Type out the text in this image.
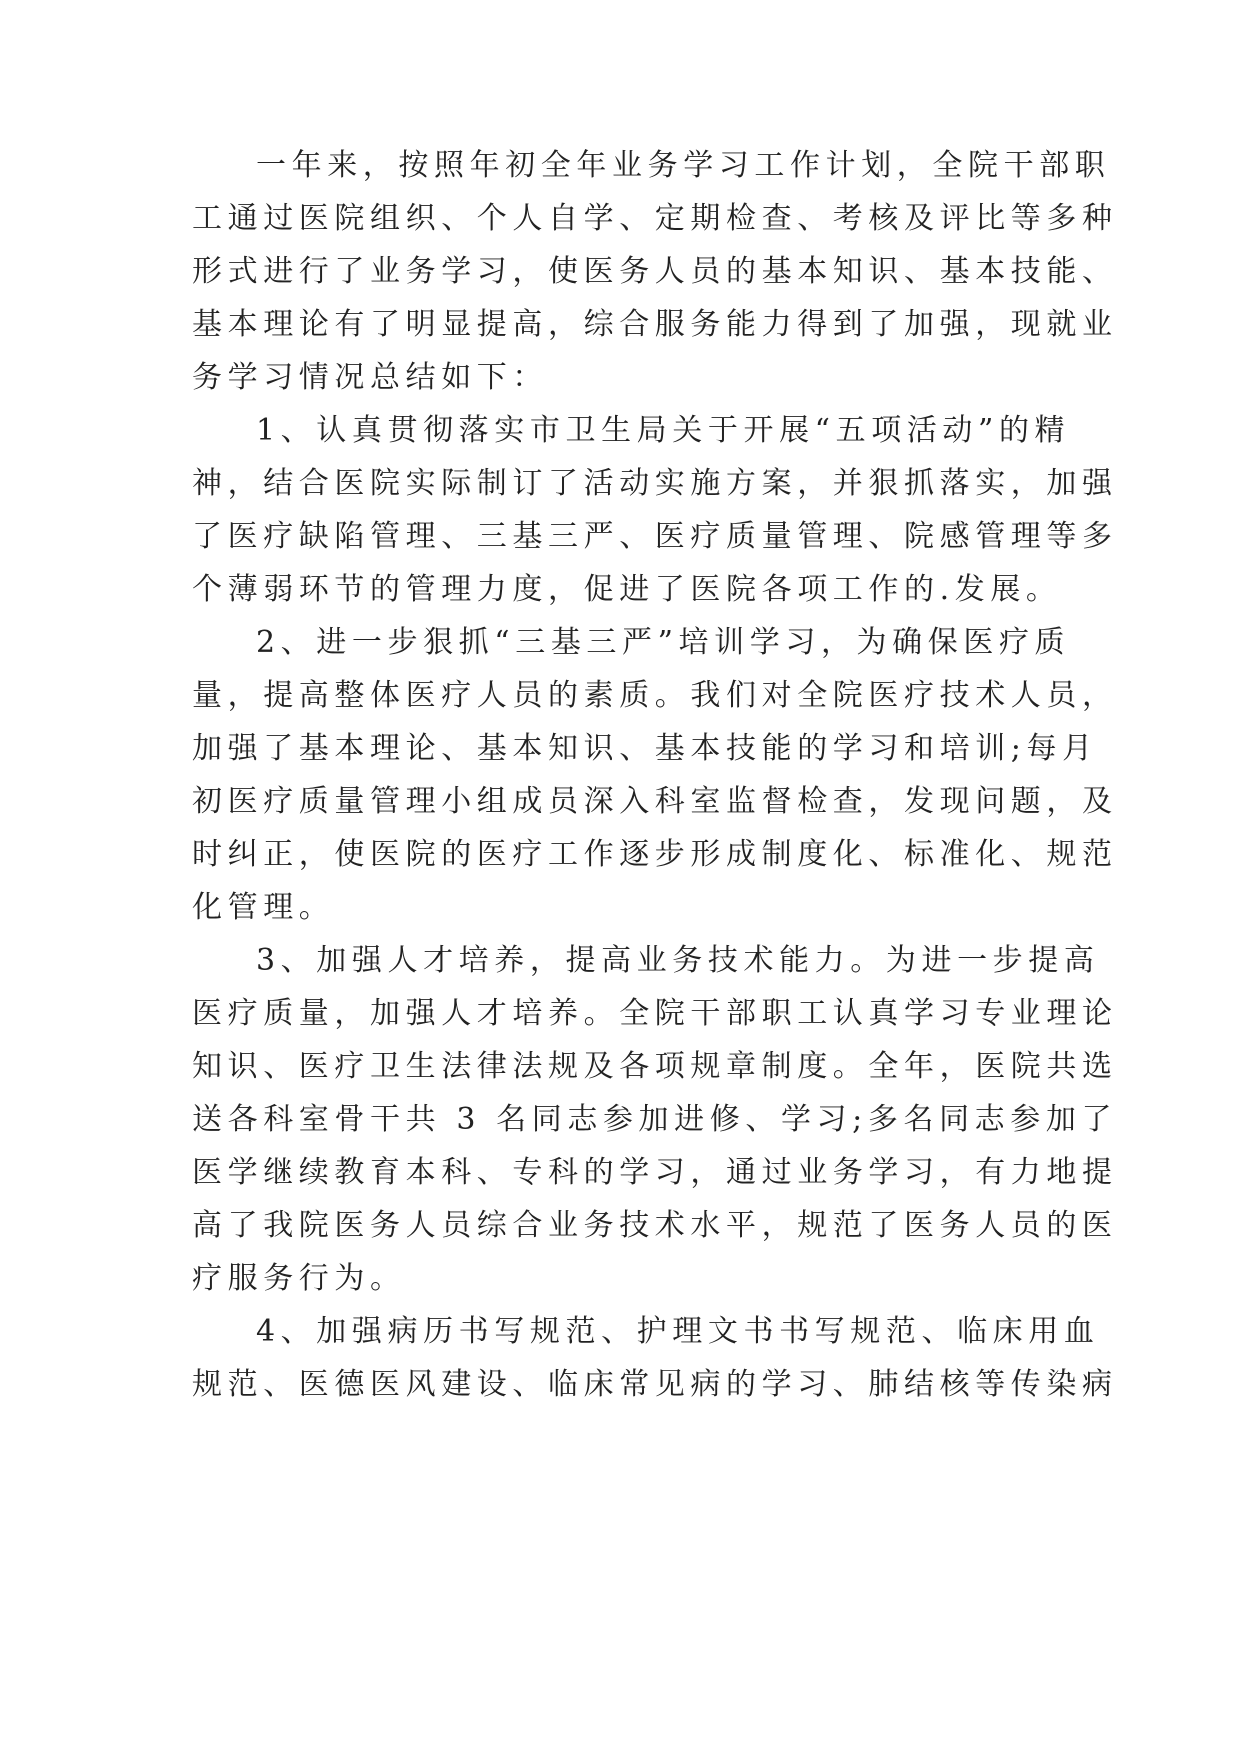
一年来，按照年初全年业务学习工作计划，全院干部职
工通过医院组织、个人自学、定期检查、考核及评比等多种
形式进行了业务学习，使医务人员的基本知识、基本技能、
基本理论有了明显提高，综合服务能力得到了加强，现就业
务学习情况总结如下：
1、认真贯彻落实市卫生局关于开展“五项活动”的精
神，结合医院实际制订了活动实施方案，并狠抓落实，加强
了医疗缺陷管理、三基三严、医疗质量管理、院感管理等多
个薄弱环节的管理力度，促进了医院各项工作的.发展。
2、进一步狠抓“三基三严”培训学习，为确保医疗质
量，提高整体医疗人员的素质。我们对全院医疗技术人员，
加强了基本理论、基本知识、基本技能的学习和培训;每月
初医疗质量管理小组成员深入科室监督检查，发现问题，及
时纠正，使医院的医疗工作逐步形成制度化、标准化、规范
化管理。
3、加强人才培养，提高业务技术能力。为进一步提高
医疗质量，加强人才培养。全院干部职工认真学习专业理论
知识、医疗卫生法律法规及各项规章制度。全年，医院共选
送各科室骨干共 3 名同志参加进修、学习;多名同志参加了
医学继续教育本科、专科的学习，通过业务学习，有力地提
高了我院医务人员综合业务技术水平，规范了医务人员的医
疗服务行为。
4、加强病历书写规范、护理文书书写规范、临床用血
规范、医德医风建设、临床常见病的学习、肺结核等传染病
